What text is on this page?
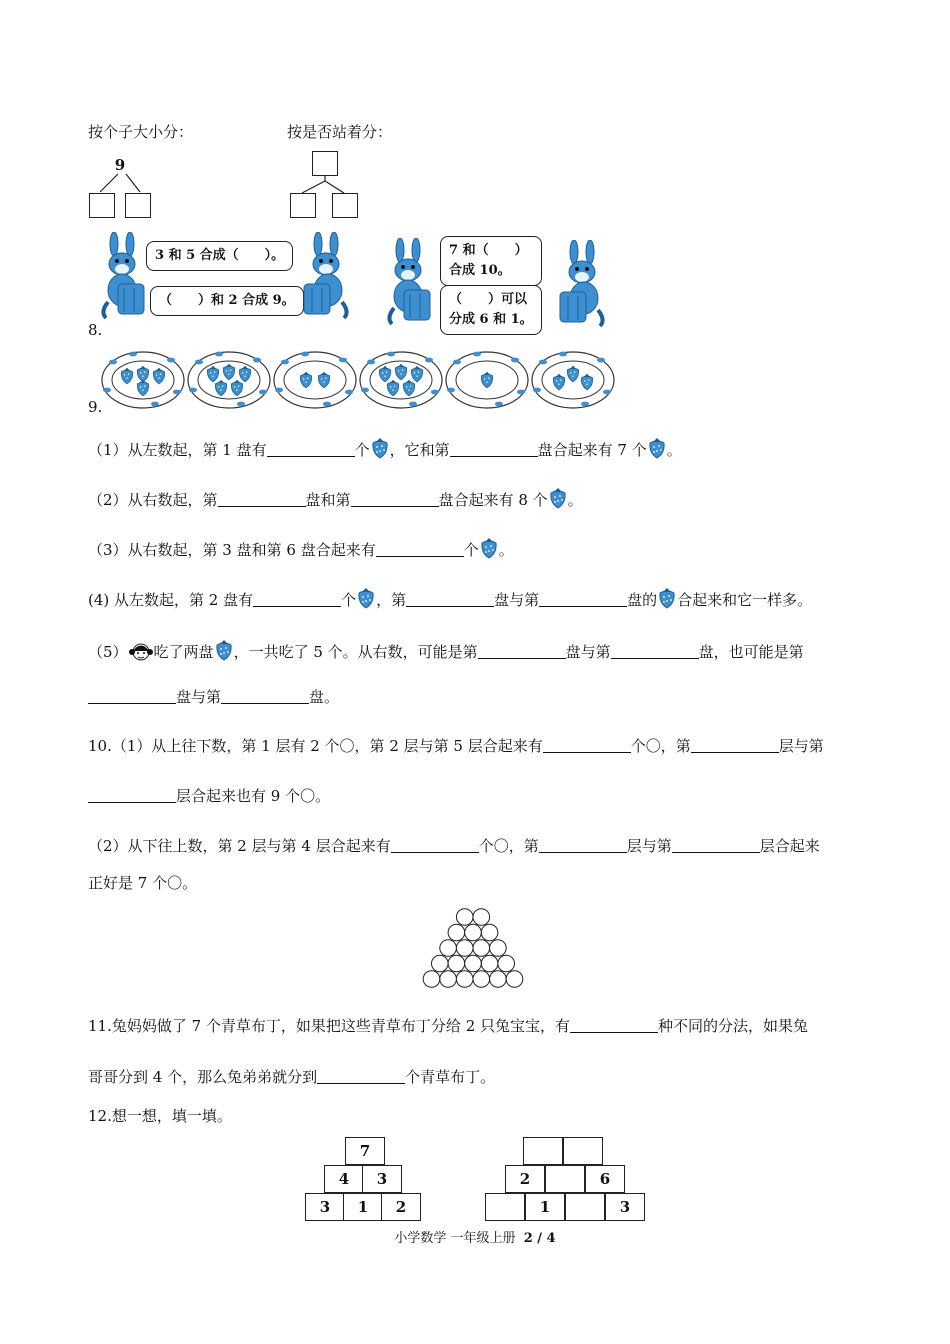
按个子大小分：	按是否站着分：
9
3 和 5 合成（　　）。
（　　）和 2 合成 9。
7 和（　　）
合成 10。
（　　）可以
分成 6 和 1。
8.
9.
（1）从左数起，第 1 盘有	个 ，它和第	盘合起来有 7 个 。
（2）从右数起，第	盘和第	盘合起来有 8 个 。
（3）从右数起，第 3 盘和第 6 盘合起来有	个 。
(4) 从左数起，第 2 盘有	个 ，第	盘与第	盘的 合起来和它一样多。
（5） 吃了两盘 ，一共吃了 5 个。从右数，可能是第	盘与第	盘，也可能是第
盘与第	盘。
10.（1）从上往下数，第 1 层有 2 个〇，第 2 层与第 5 层合起来有	个〇，第	层与第
层合起来也有 9 个〇。
（2）从下往上数，第 2 层与第 4 层合起来有	个〇，第	层与第	层合起来
正好是 7 个〇。
11.兔妈妈做了 7 个青草布丁，如果把这些青草布丁分给 2 只兔宝宝，有	种不同的分法，如果兔
哥哥分到 4 个，那么兔弟弟就分到	个青草布丁。
12.想一想，填一填。
7
4	3
3	1	2
2	6
1	3
小学数学 一年级上册 2 / 4
